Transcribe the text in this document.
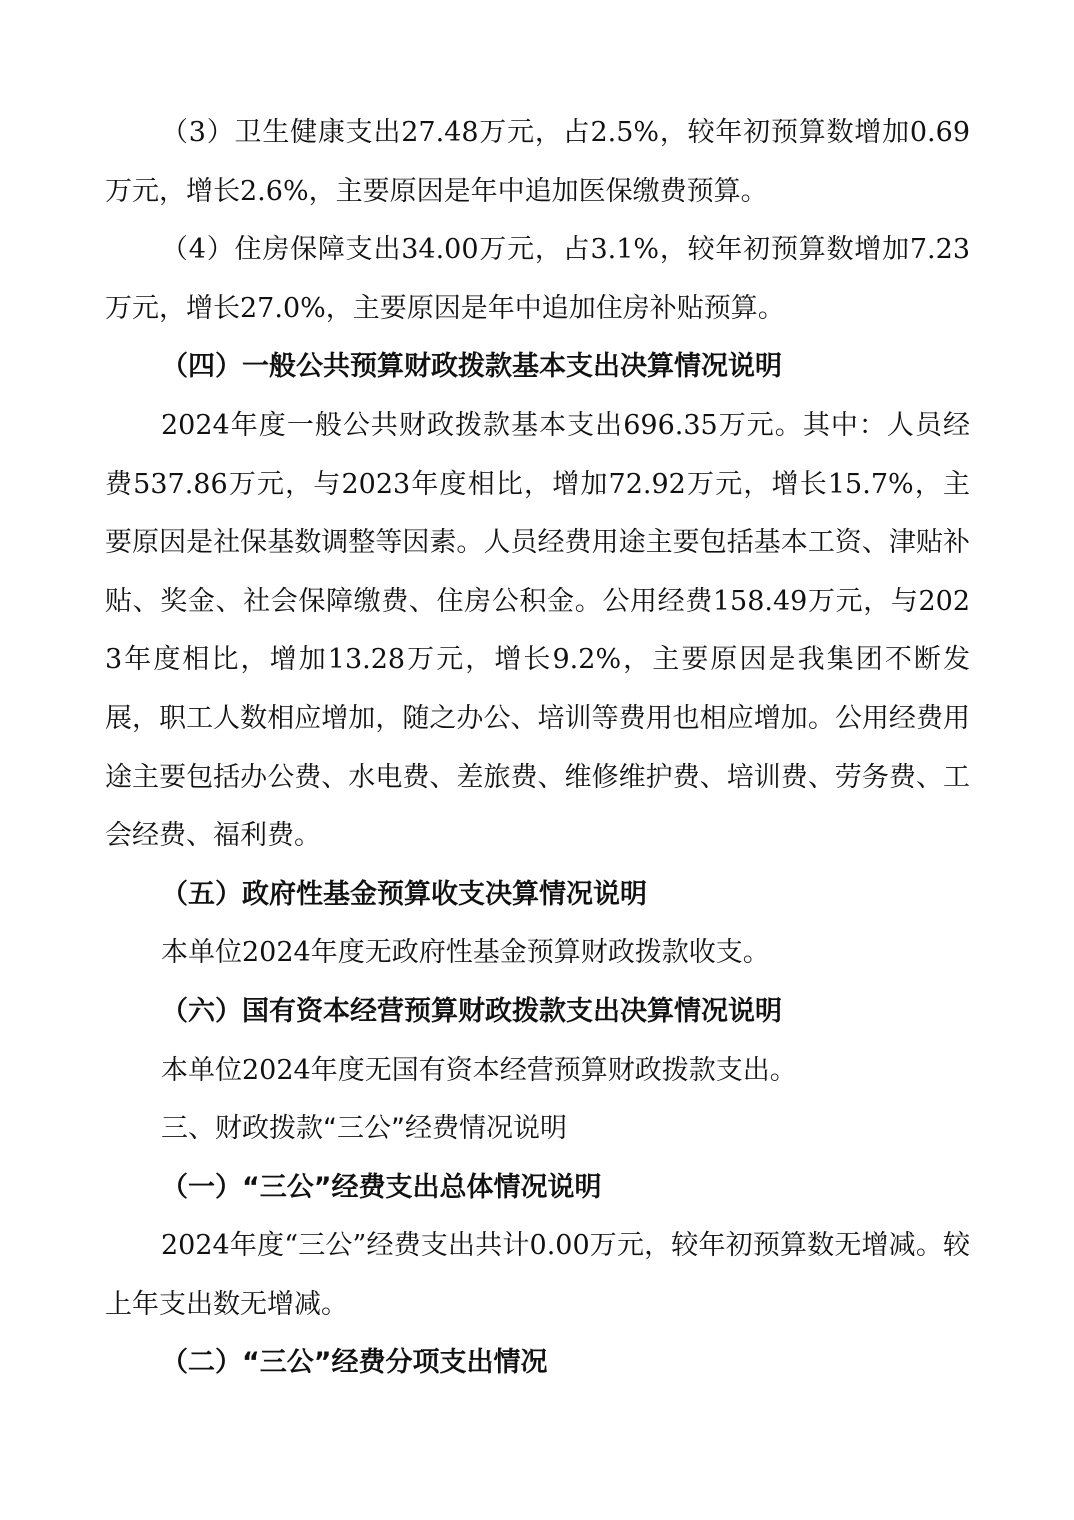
（3）卫生健康支出27.48万元，占2.5%，较年初预算数增加0.69万元，增长2.6%，主要原因是年中追加医保缴费预算。

（4）住房保障支出34.00万元，占3.1%，较年初预算数增加7.23万元，增长27.0%，主要原因是年中追加住房补贴预算。

（四）一般公共预算财政拨款基本支出决算情况说明

2024年度一般公共财政拨款基本支出696.35万元。其中：人员经费537.86万元，与2023年度相比，增加72.92万元，增长15.7%，主要原因是社保基数调整等因素。人员经费用途主要包括基本工资、津贴补贴、奖金、社会保障缴费、住房公积金。公用经费158.49万元，与2023年度相比，增加13.28万元，增长9.2%，主要原因是我集团不断发展，职工人数相应增加，随之办公、培训等费用也相应增加。公用经费用途主要包括办公费、水电费、差旅费、维修维护费、培训费、劳务费、工会经费、福利费。

（五）政府性基金预算收支决算情况说明

本单位2024年度无政府性基金预算财政拨款收支。

（六）国有资本经营预算财政拨款支出决算情况说明

本单位2024年度无国有资本经营预算财政拨款支出。

三、财政拨款“三公”经费情况说明

（一）“三公”经费支出总体情况说明

2024年度“三公”经费支出共计0.00万元，较年初预算数无增减。较上年支出数无增减。

（二）“三公”经费分项支出情况
